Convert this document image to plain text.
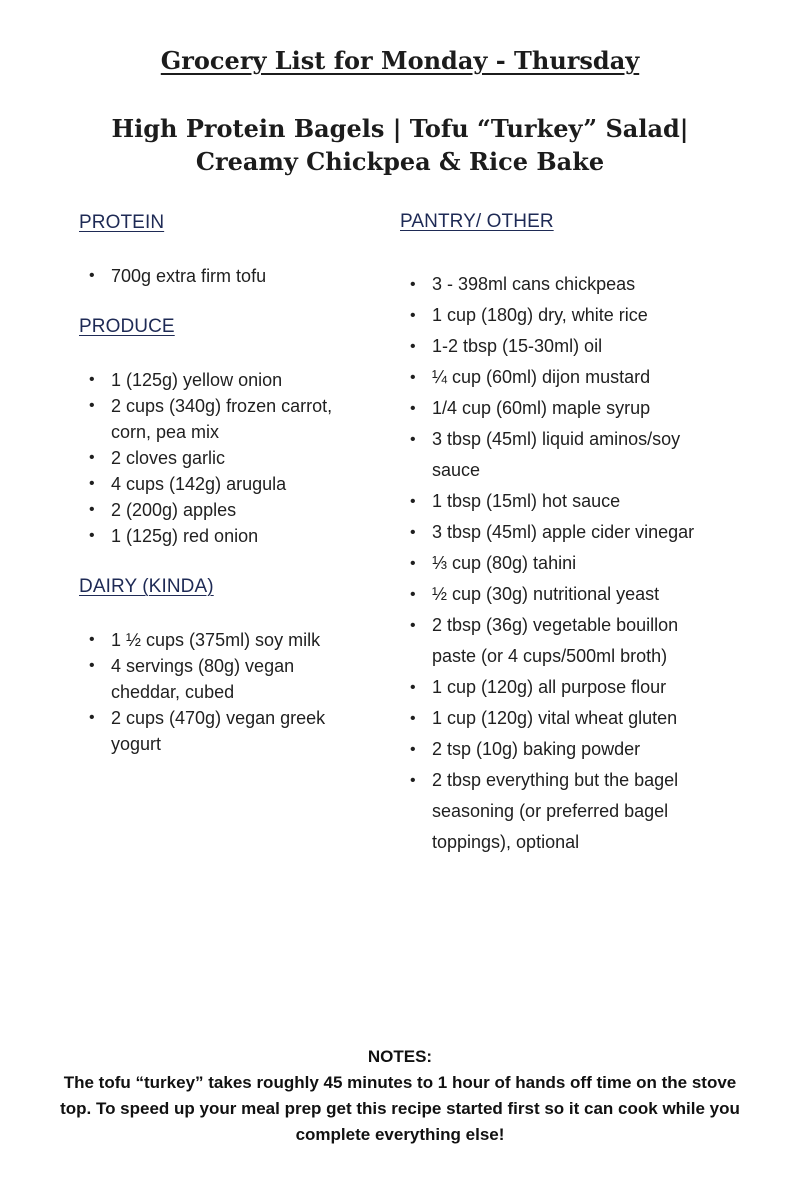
Grocery List for Monday - Thursday
High Protein Bagels | Tofu “Turkey” Salad| Creamy Chickpea & Rice Bake
PROTEIN
• 700g extra firm tofu
PRODUCE
• 1 (125g) yellow onion
• 2 cups (340g) frozen carrot, corn, pea mix
• 2 cloves garlic
• 4 cups (142g) arugula
• 2 (200g) apples
• 1 (125g) red onion
DAIRY (KINDA)
• 1 ½ cups (375ml) soy milk
• 4 servings (80g) vegan cheddar, cubed
• 2 cups (470g) vegan greek yogurt
PANTRY/ OTHER
• 3 - 398ml cans chickpeas
• 1 cup (180g) dry, white rice
• 1-2 tbsp (15-30ml) oil
• ¼ cup (60ml) dijon mustard
• 1/4 cup (60ml) maple syrup
• 3 tbsp (45ml) liquid aminos/soy sauce
• 1 tbsp (15ml) hot sauce
• 3 tbsp (45ml) apple cider vinegar
• ⅓ cup (80g) tahini
• ½ cup (30g) nutritional yeast
• 2 tbsp (36g) vegetable bouillon paste (or 4 cups/500ml broth)
• 1 cup (120g) all purpose flour
• 1 cup (120g) vital wheat gluten
• 2 tsp (10g) baking powder
• 2 tbsp everything but the bagel seasoning (or preferred bagel toppings), optional
NOTES:
The tofu “turkey” takes roughly 45 minutes to 1 hour of hands off time on the stove top. To speed up your meal prep get this recipe started first so it can cook while you complete everything else!
